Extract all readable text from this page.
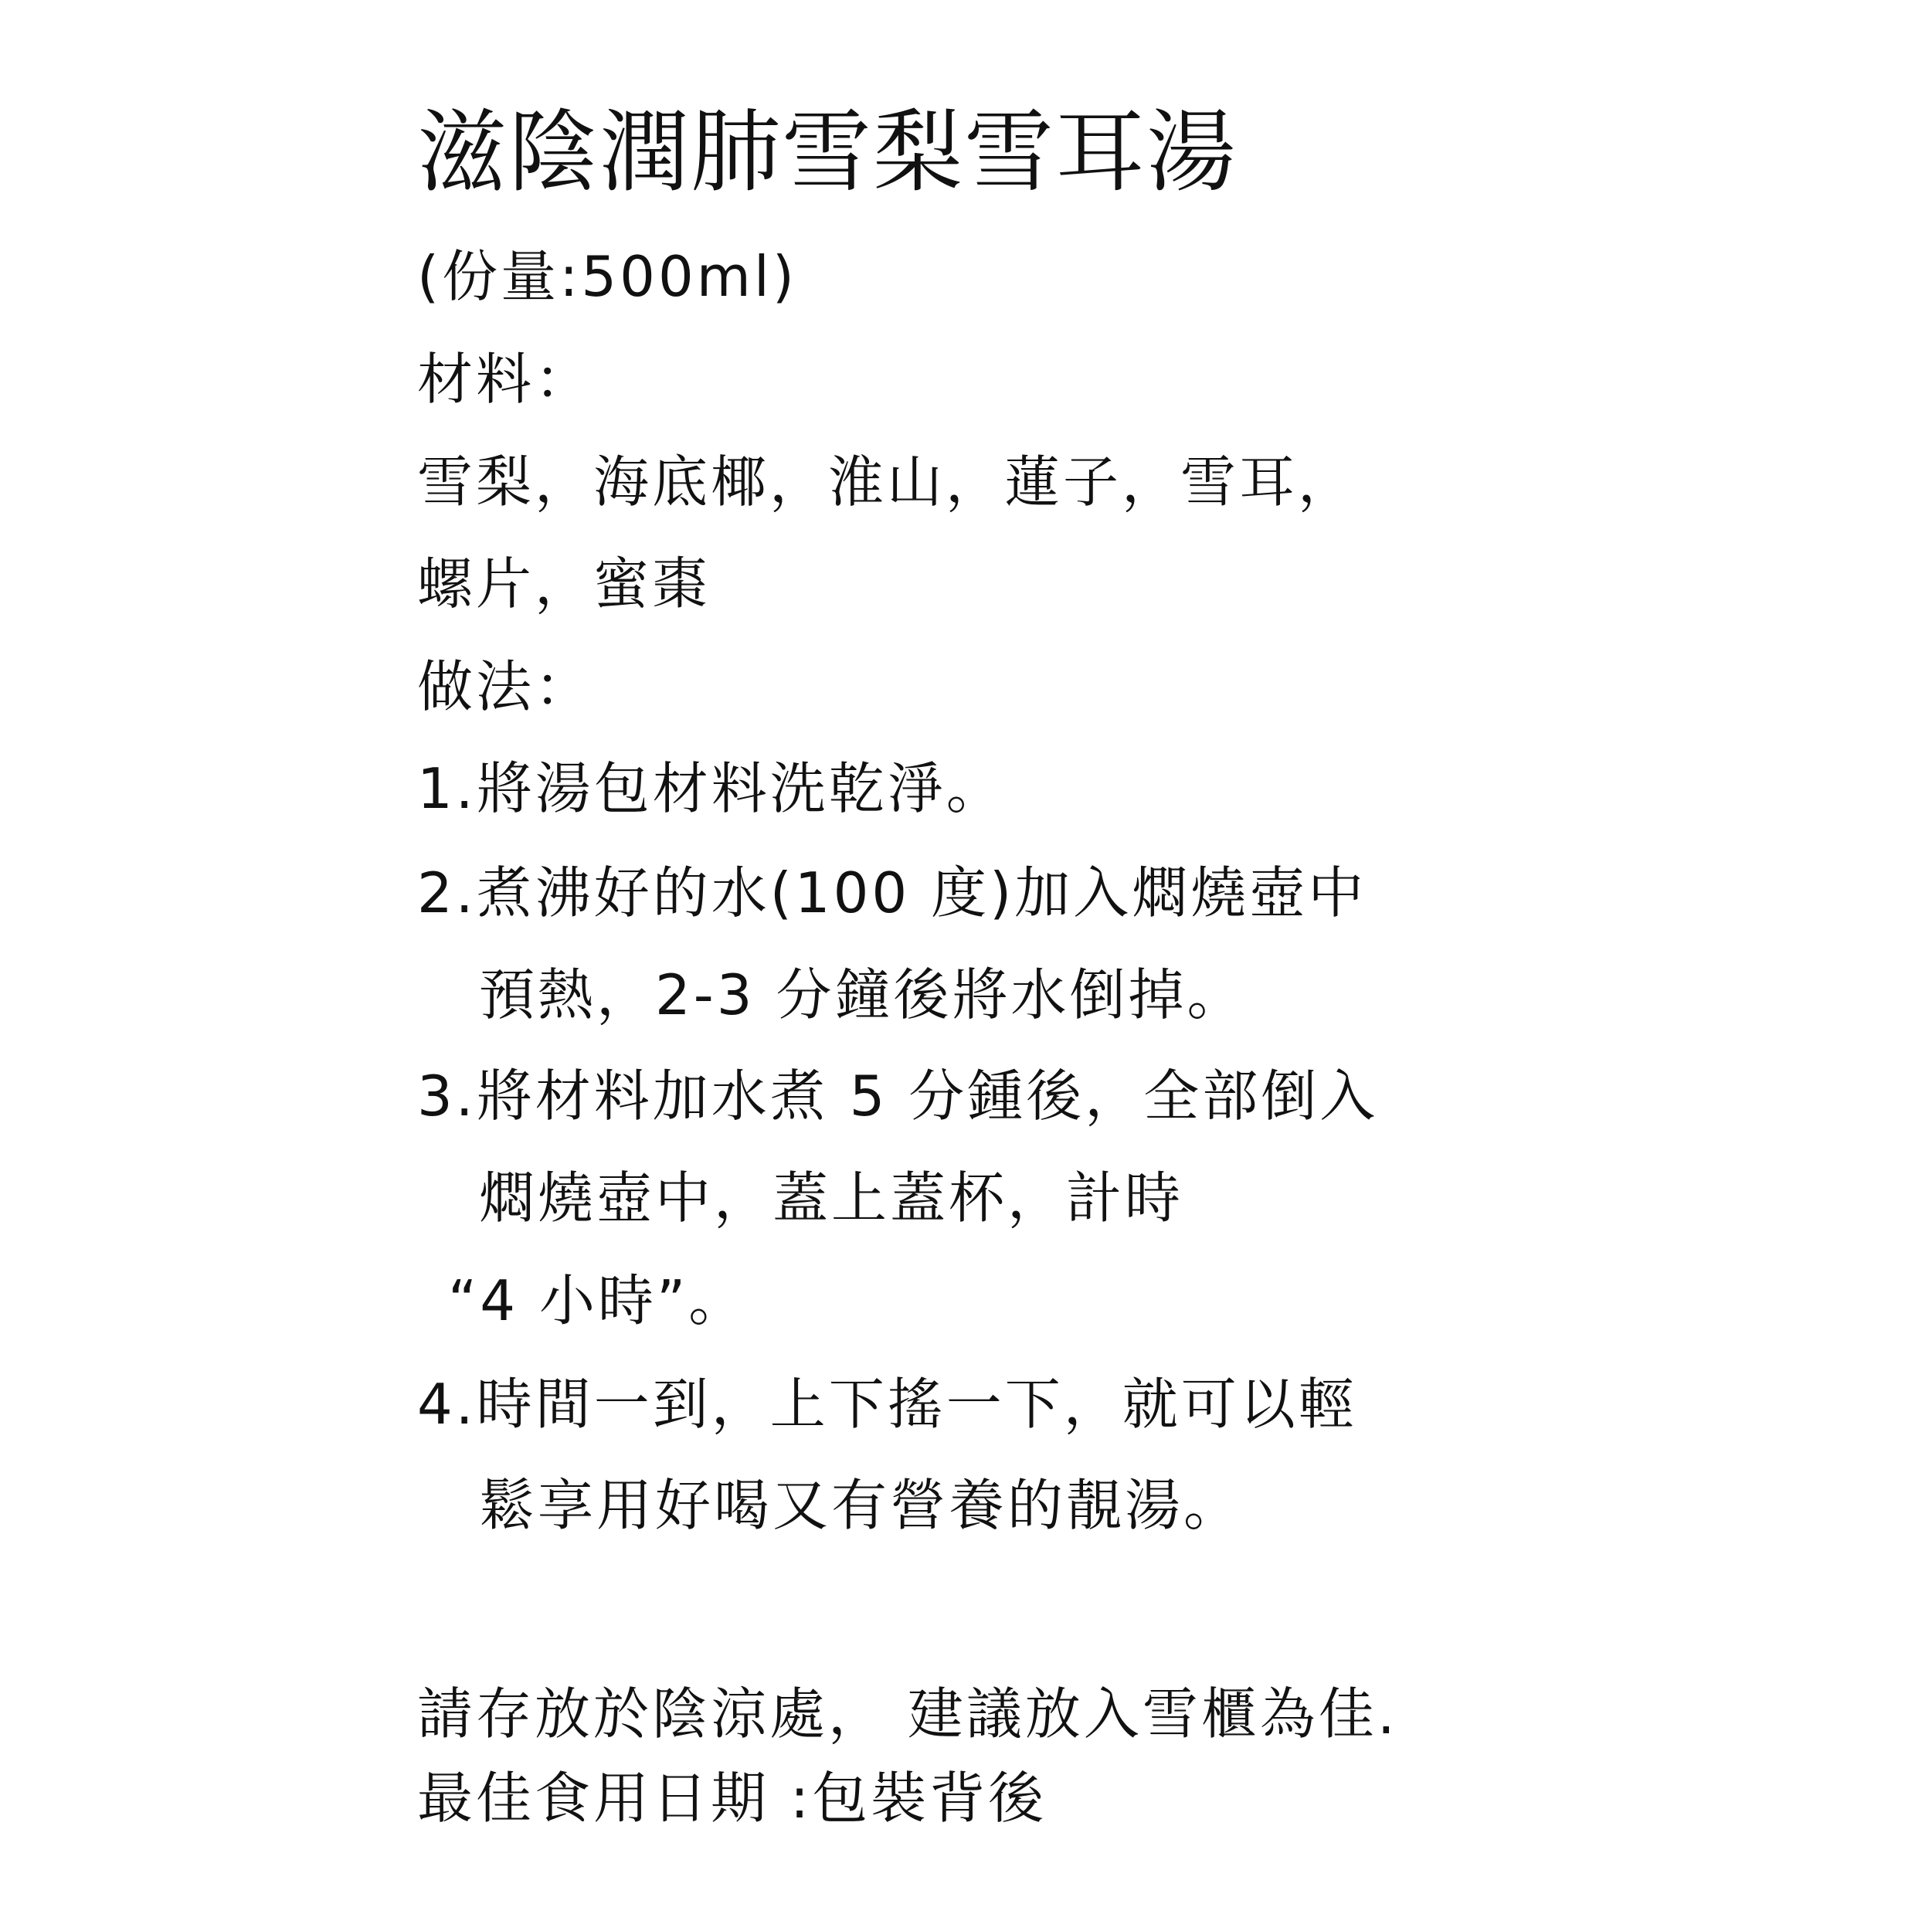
滋陰潤肺雪梨雪耳湯
(份量:500ml)
材料：
雪梨，海底椰，淮山，蓮子，雪耳，
螺片，蜜棗
做法：
1.將湯包材料洗乾淨。
2.煮沸好的水(100 度)加入燜燒壺中
預熱，2-3 分鐘後將水倒掉。
3.將材料加水煮 5 分鍾後，全部倒入
燜燒壺中，蓋上蓋杯，計時
“4 小時”。
4.時間一到，上下搖一下，就可以輕
鬆享用好喝又有營養的靚湯。
請存放於陰涼處， 建議放入雪櫃為佳.
最佳食用日期 :包裝背後
